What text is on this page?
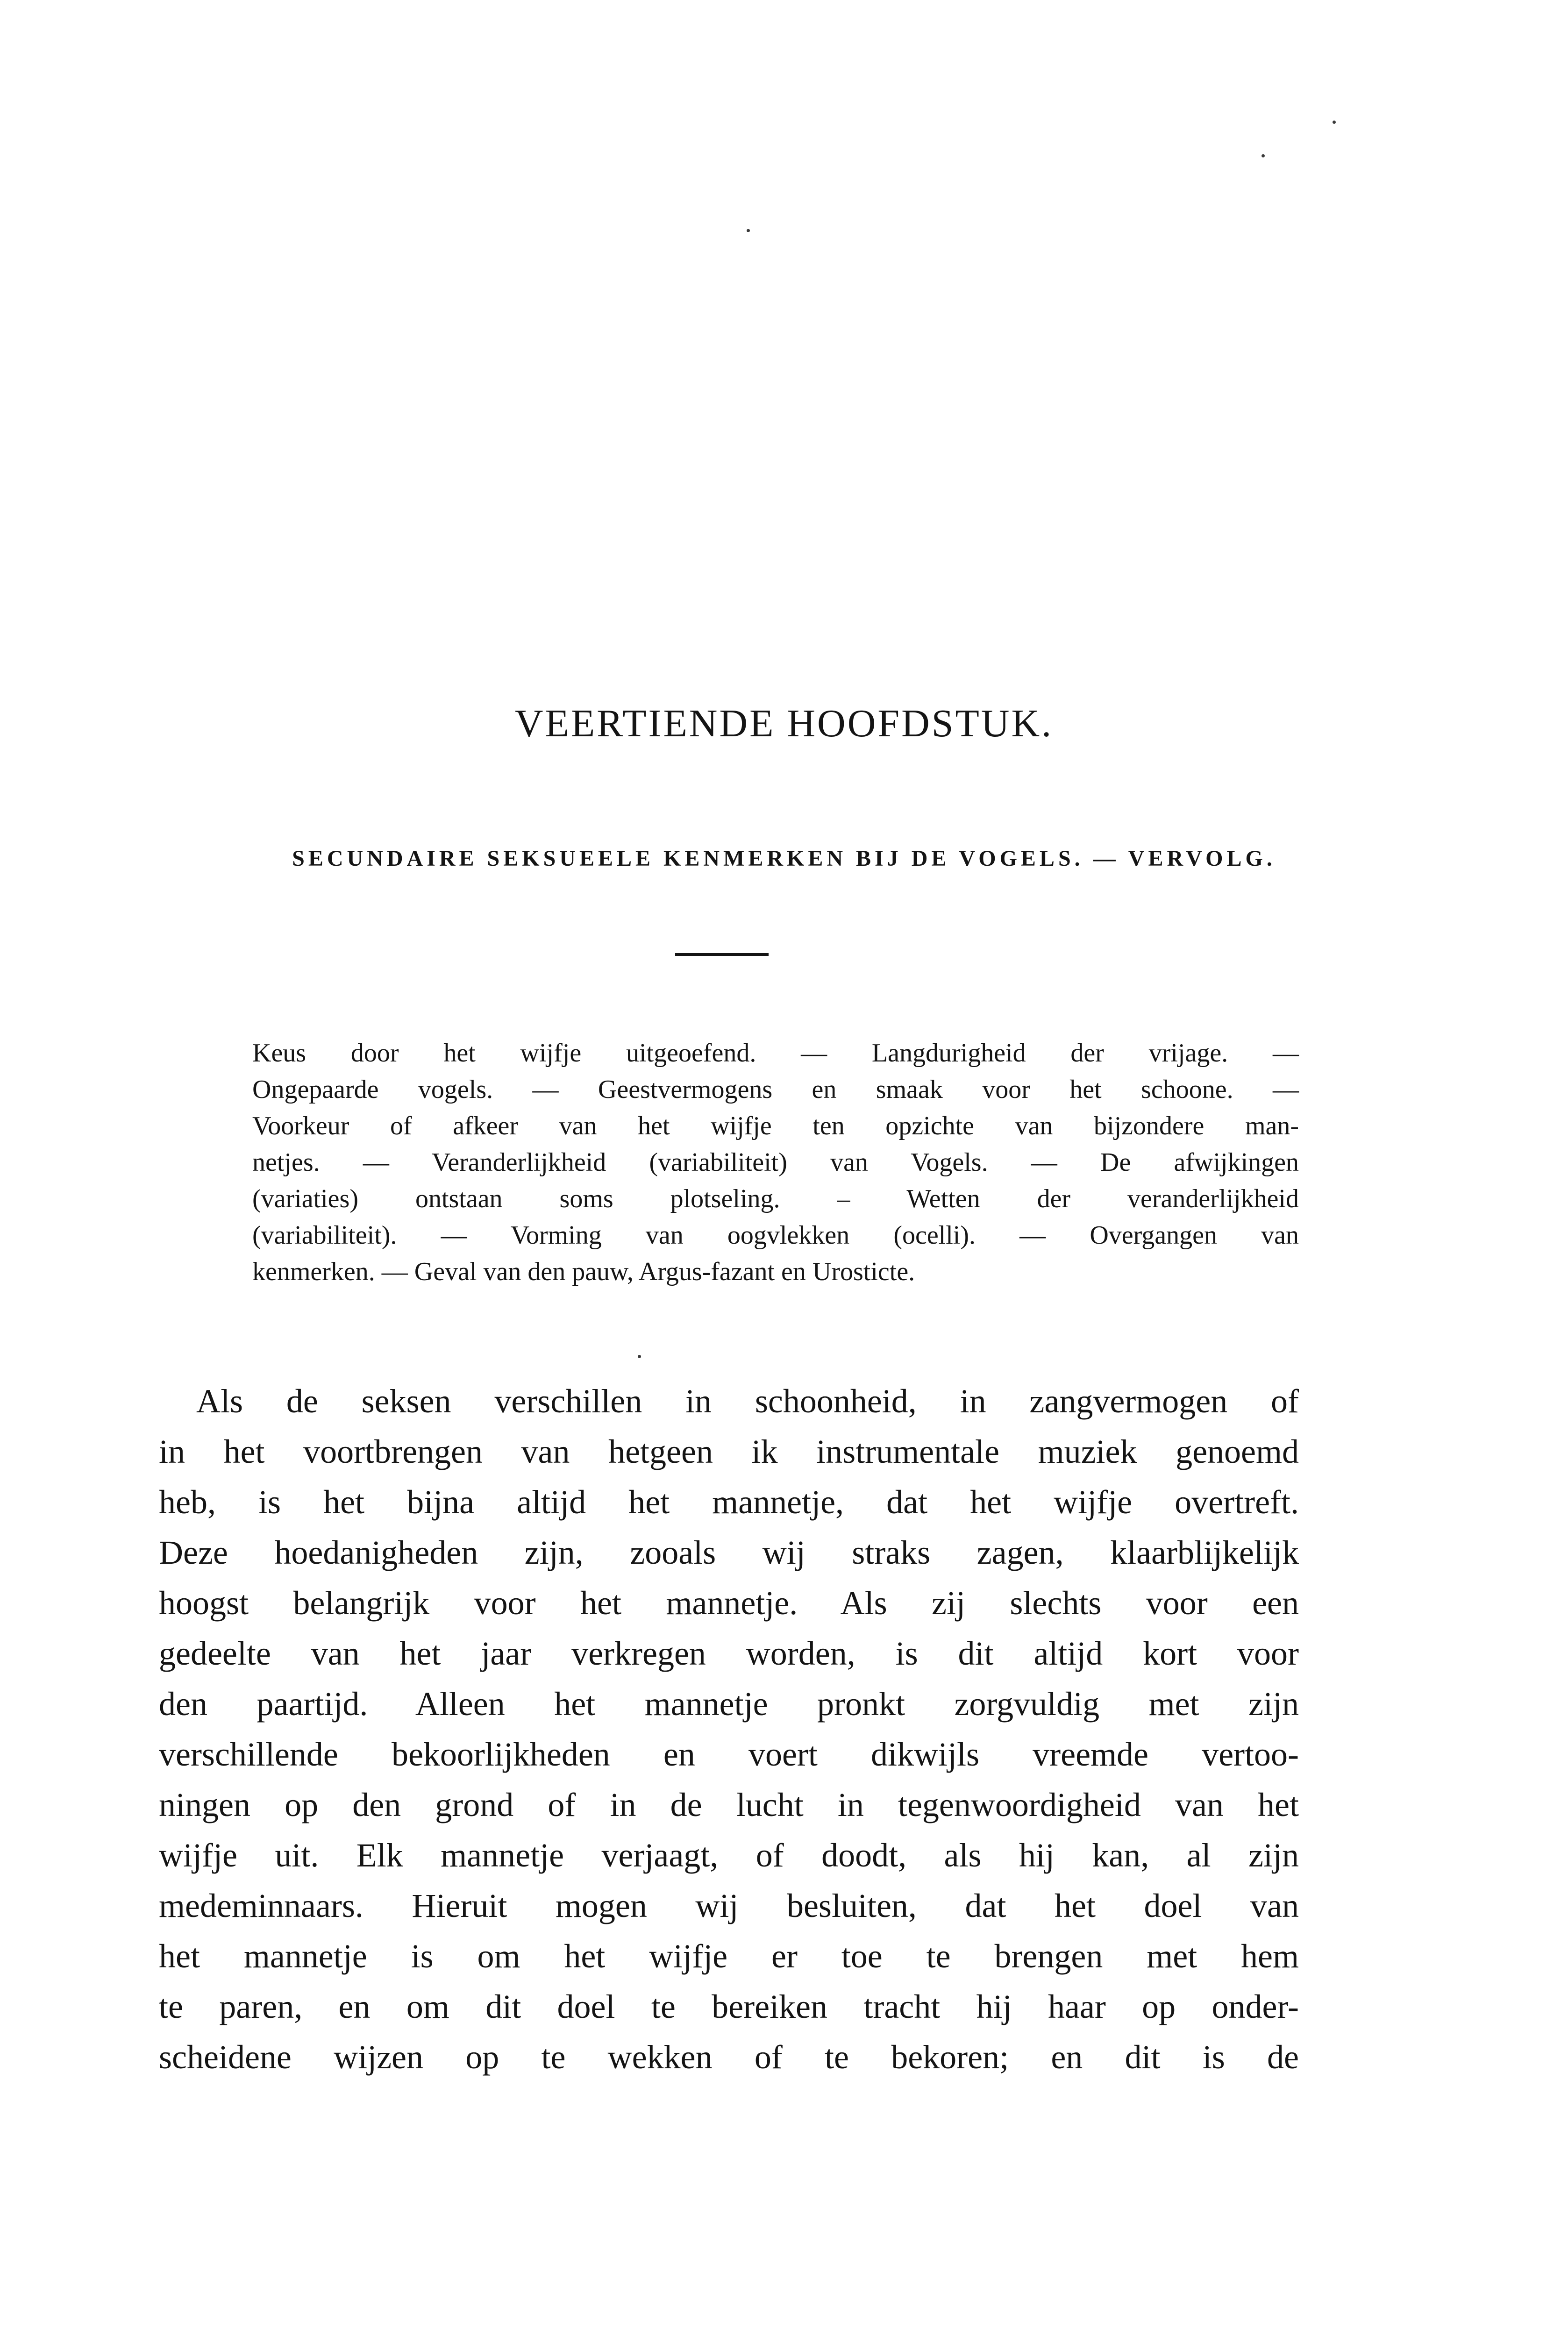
VEERTIENDE HOOFDSTUK.
SECUNDAIRE SEKSUEELE KENMERKEN BIJ DE VOGELS. — VERVOLG.
Keus door het wijfje uitgeoefend. — Langdurigheid der vrijage. —
Ongepaarde vogels. — Geestvermogens en smaak voor het schoone. —
Voorkeur of afkeer van het wijfje ten opzichte van bijzondere man-
netjes. — Veranderlijkheid (variabiliteit) van Vogels. — De afwijkingen
(variaties) ontstaan soms plotseling. – Wetten der veranderlijkheid
(variabiliteit). — Vorming van oogvlekken (ocelli). — Overgangen van
kenmerken. — Geval van den pauw, Argus-fazant en Urosticte.
Als de seksen verschillen in schoonheid, in zangvermogen of
in het voortbrengen van hetgeen ik instrumentale muziek genoemd
heb, is het bijna altijd het mannetje, dat het wijfje overtreft.
Deze hoedanigheden zijn, zooals wij straks zagen, klaarblijkelijk
hoogst belangrijk voor het mannetje. Als zij slechts voor een
gedeelte van het jaar verkregen worden, is dit altijd kort voor
den paartijd. Alleen het mannetje pronkt zorgvuldig met zijn
verschillende bekoorlijkheden en voert dikwijls vreemde vertoo-
ningen op den grond of in de lucht in tegenwoordigheid van het
wijfje uit. Elk mannetje verjaagt, of doodt, als hij kan, al zijn
medeminnaars. Hieruit mogen wij besluiten, dat het doel van
het mannetje is om het wijfje er toe te brengen met hem
te paren, en om dit doel te bereiken tracht hij haar op onder-
scheidene wijzen op te wekken of te bekoren; en dit is de
